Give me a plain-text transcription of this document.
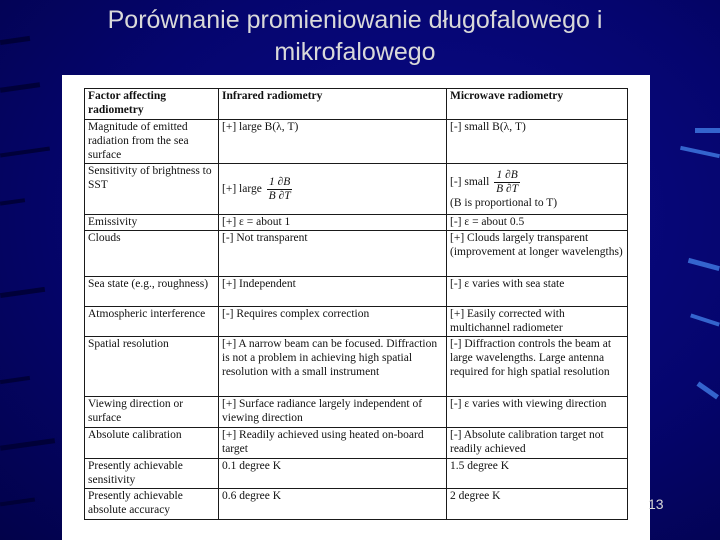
Porównanie promieniowanie długofalowego i mikrofalowego
Factor affecting radiometry	Infrared radiometry	Microwave radiometry
Magnitude of emitted radiation from the sea surface	[+] large B(λ, T)	[-] small B(λ, T)
Sensitivity of brightness to SST	[+] large $\frac{1 \partial B}{B \partial T}$	[-] small $\frac{1 \partial B}{B \partial T}$
(B is proportional to T)

Emissivity	[+] ε = about 1	[-] ε = about 0.5
Clouds	[-] Not transparent	[+] Clouds largely transparent (improvement at longer wavelengths)
Sea state (e.g., roughness)	[+] Independent	[-] ε varies with sea state
Atmospheric interference	[-] Requires complex correction	[+] Easily corrected with multichannel radiometer
Spatial resolution	[+] A narrow beam can be focused. Diffraction is not a problem in achieving high spatial resolution with a small instrument	[-] Diffraction controls the beam at large wavelengths. Large antenna required for high spatial resolution
Viewing direction or surface	[+] Surface radiance largely independent of viewing direction	[-] ε varies with viewing direction
Absolute calibration	[+] Readily achieved using heated on-board target	[-] Absolute calibration target not readily achieved
Presently achievable sensitivity	0.1 degree K	1.5 degree K
Presently achievable absolute accuracy	0.6 degree K	2 degree K	13
